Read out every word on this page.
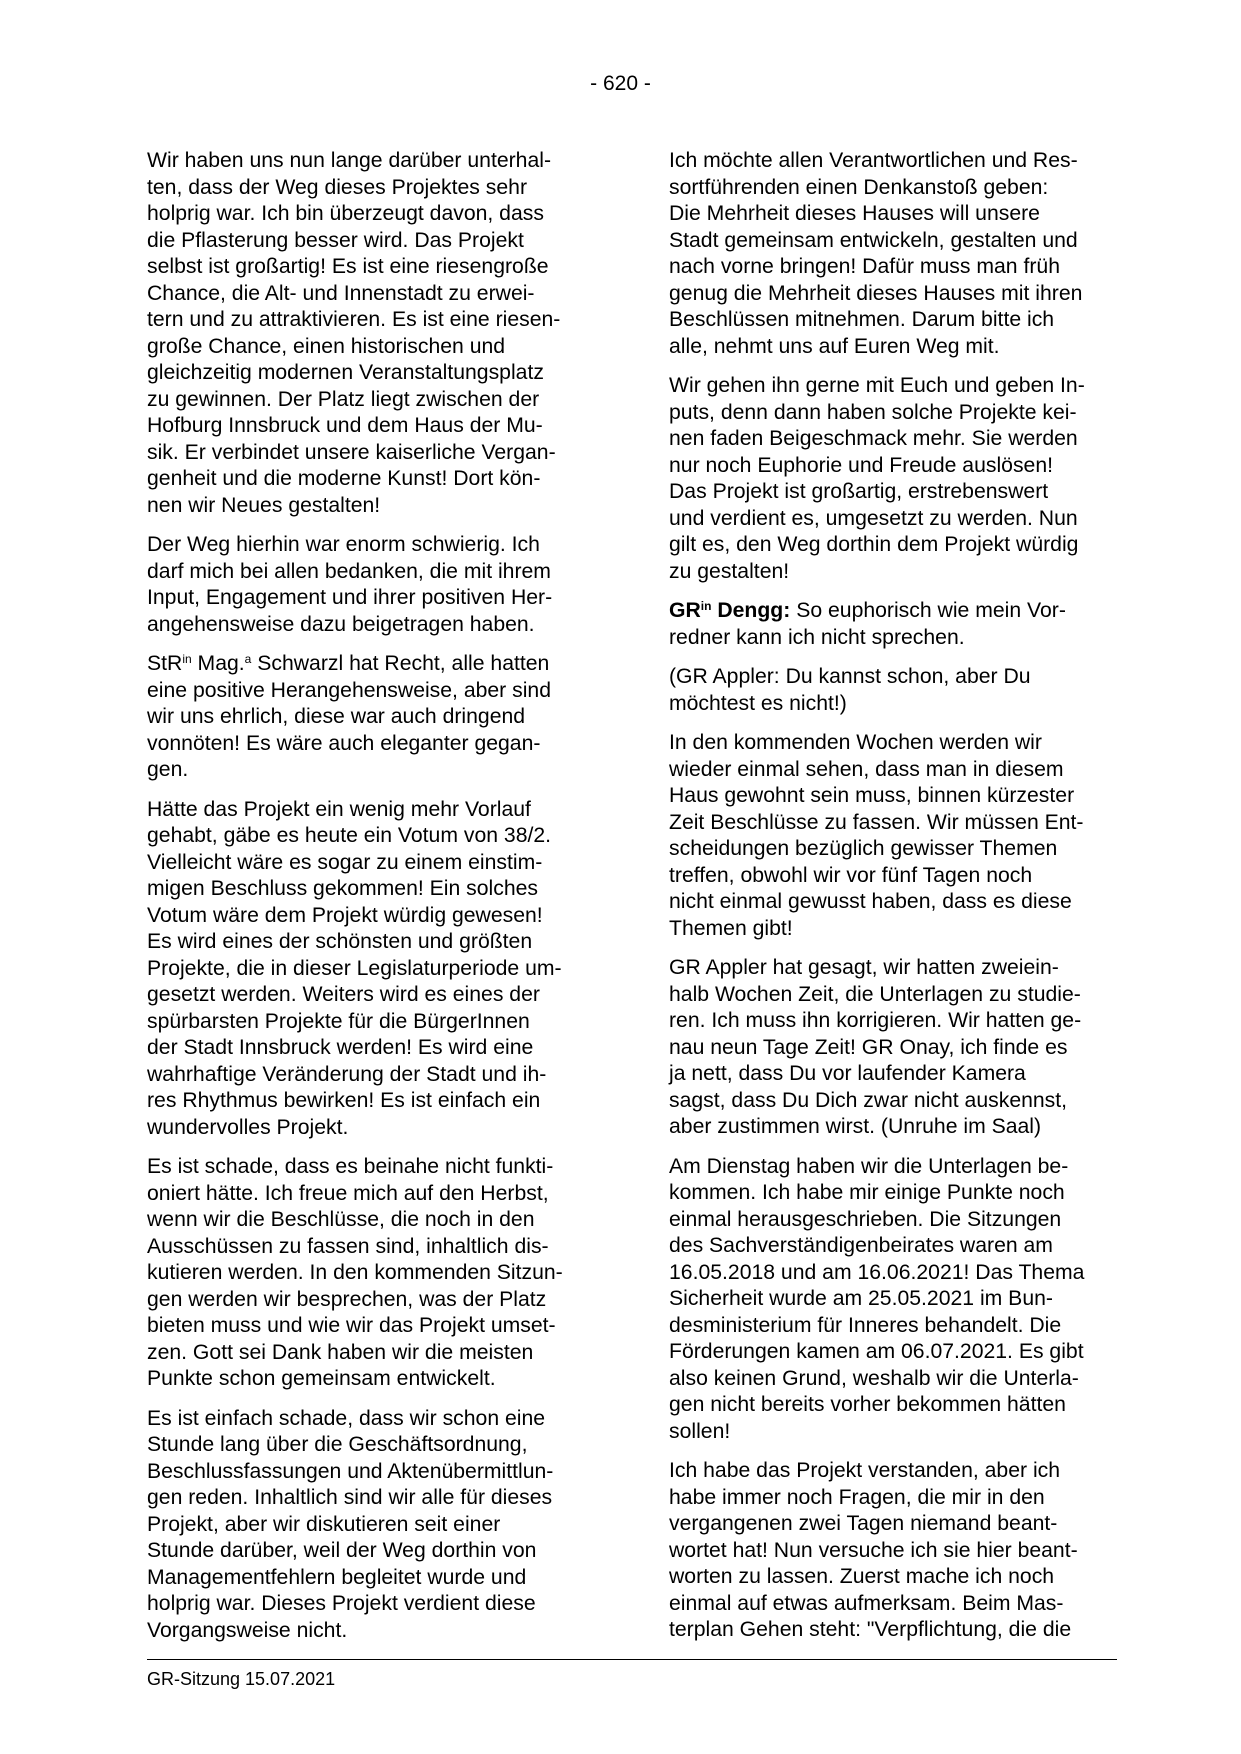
- 620 -

Wir haben uns nun lange darüber unterhal-
ten, dass der Weg dieses Projektes sehr
holprig war. Ich bin überzeugt davon, dass
die Pflasterung besser wird. Das Projekt
selbst ist großartig! Es ist eine riesengroße
Chance, die Alt- und Innenstadt zu erwei-
tern und zu attraktivieren. Es ist eine riesen-
große Chance, einen historischen und
gleichzeitig modernen Veranstaltungsplatz
zu gewinnen. Der Platz liegt zwischen der
Hofburg Innsbruck und dem Haus der Mu-
sik. Er verbindet unsere kaiserliche Vergan-
genheit und die moderne Kunst! Dort kön-
nen wir Neues gestalten!

Der Weg hierhin war enorm schwierig. Ich
darf mich bei allen bedanken, die mit ihrem
Input, Engagement und ihrer positiven Her-
angehensweise dazu beigetragen haben.

StR$^{in}$ Mag.$^a$ Schwarzl hat Recht, alle hatten
eine positive Herangehensweise, aber sind
wir uns ehrlich, diese war auch dringend
vonnöten! Es wäre auch eleganter gegan-
gen.

Hätte das Projekt ein wenig mehr Vorlauf
gehabt, gäbe es heute ein Votum von 38/2.
Vielleicht wäre es sogar zu einem einstim-
migen Beschluss gekommen! Ein solches
Votum wäre dem Projekt würdig gewesen!
Es wird eines der schönsten und größten
Projekte, die in dieser Legislaturperiode um-
gesetzt werden. Weiters wird es eines der
spürbarsten Projekte für die BürgerInnen
der Stadt Innsbruck werden! Es wird eine
wahrhaftige Veränderung der Stadt und ih-
res Rhythmus bewirken! Es ist einfach ein
wundervolles Projekt.

Es ist schade, dass es beinahe nicht funkti-
oniert hätte. Ich freue mich auf den Herbst,
wenn wir die Beschlüsse, die noch in den
Ausschüssen zu fassen sind, inhaltlich dis-
kutieren werden. In den kommenden Sitzun-
gen werden wir besprechen, was der Platz
bieten muss und wie wir das Projekt umset-
zen. Gott sei Dank haben wir die meisten
Punkte schon gemeinsam entwickelt.

Es ist einfach schade, dass wir schon eine
Stunde lang über die Geschäftsordnung,
Beschlussfassungen und Aktenübermittlun-
gen reden. Inhaltlich sind wir alle für dieses
Projekt, aber wir diskutieren seit einer
Stunde darüber, weil der Weg dorthin von
Managementfehlern begleitet wurde und
holprig war. Dieses Projekt verdient diese
Vorgangsweise nicht.

Ich möchte allen Verantwortlichen und Res-
sortführenden einen Denkanstoß geben:
Die Mehrheit dieses Hauses will unsere
Stadt gemeinsam entwickeln, gestalten und
nach vorne bringen! Dafür muss man früh
genug die Mehrheit dieses Hauses mit ihren
Beschlüssen mitnehmen. Darum bitte ich
alle, nehmt uns auf Euren Weg mit.

Wir gehen ihn gerne mit Euch und geben In-
puts, denn dann haben solche Projekte kei-
nen faden Beigeschmack mehr. Sie werden
nur noch Euphorie und Freude auslösen!
Das Projekt ist großartig, erstrebenswert
und verdient es, umgesetzt zu werden. Nun
gilt es, den Weg dorthin dem Projekt würdig
zu gestalten!

$GR^{in}$ Dengg: So euphorisch wie mein Vor-
redner kann ich nicht sprechen.

(GR Appler: Du kannst schon, aber Du
möchtest es nicht!)

In den kommenden Wochen werden wir
wieder einmal sehen, dass man in diesem
Haus gewohnt sein muss, binnen kürzester
Zeit Beschlüsse zu fassen. Wir müssen Ent-
scheidungen bezüglich gewisser Themen
treffen, obwohl wir vor fünf Tagen noch
nicht einmal gewusst haben, dass es diese
Themen gibt!

GR Appler hat gesagt, wir hatten zweiein-
halb Wochen Zeit, die Unterlagen zu studie-
ren. Ich muss ihn korrigieren. Wir hatten ge-
nau neun Tage Zeit! GR Onay, ich finde es
ja nett, dass Du vor laufender Kamera
sagst, dass Du Dich zwar nicht auskennst,
aber zustimmen wirst. (Unruhe im Saal)

Am Dienstag haben wir die Unterlagen be-
kommen. Ich habe mir einige Punkte noch
einmal herausgeschrieben. Die Sitzungen
des Sachverständigenbeirates waren am
16.05.2018 und am 16.06.2021! Das Thema
Sicherheit wurde am 25.05.2021 im Bun-
desministerium für Inneres behandelt. Die
Förderungen kamen am 06.07.2021. Es gibt
also keinen Grund, weshalb wir die Unterla-
gen nicht bereits vorher bekommen hätten
sollen!

Ich habe das Projekt verstanden, aber ich
habe immer noch Fragen, die mir in den
vergangenen zwei Tagen niemand beant-
wortet hat! Nun versuche ich sie hier beant-
worten zu lassen. Zuerst mache ich noch
einmal auf etwas aufmerksam. Beim Mas-
terplan Gehen steht: "Verpflichtung, die die

GR-Sitzung 15.07.2021
